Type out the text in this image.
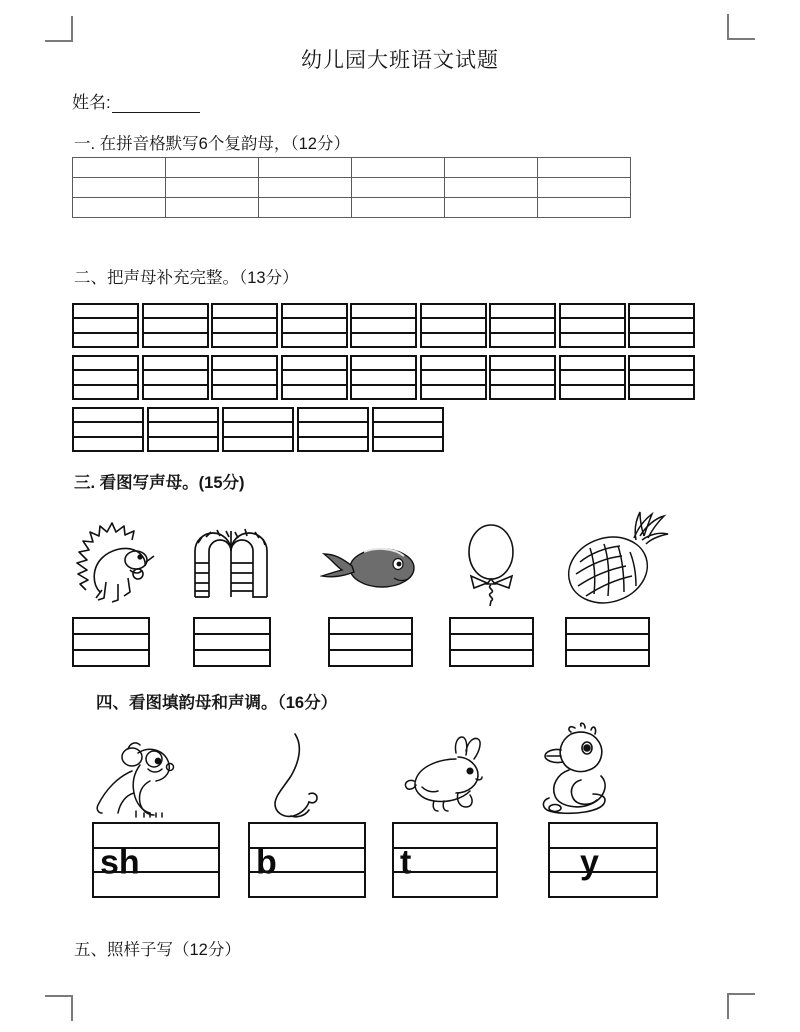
幼儿园大班语文试题
姓名:
一. 在拼音格默写6个复韵母，（12分）

二、把声母补充完整。（13分）
三. 看图写声母。(15分)
四、看图填韵母和声调。（16分）
sh	b	t	y
五、照样子写（12分）
